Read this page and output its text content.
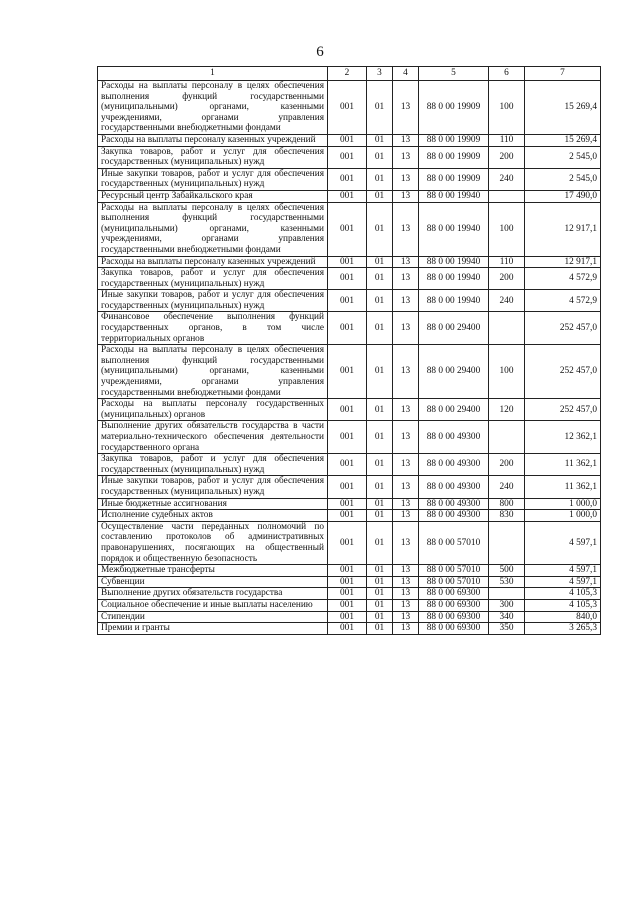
6
1	2	3	4	5	6	7
Расходы на выплаты персоналу в целях обеспечения выполнения функций государственными (муниципальными) органами, казенными учреждениями, органами управления государственными внебюджетными фондами	001	01	13	88 0 00 19909	100	15 269,4
Расходы на выплаты персоналу казенных учреждений	001	01	13	88 0 00 19909	110	15 269,4
Закупка товаров, работ и услуг для обеспечения государственных (муниципальных) нужд	001	01	13	88 0 00 19909	200	2 545,0
Иные закупки товаров, работ и услуг для обеспечения государственных (муниципальных) нужд	001	01	13	88 0 00 19909	240	2 545,0
Ресурсный центр Забайкальского края	001	01	13	88 0 00 19940		17 490,0
Расходы на выплаты персоналу в целях обеспечения выполнения функций государственными (муниципальными) органами, казенными учреждениями, органами управления государственными внебюджетными фондами	001	01	13	88 0 00 19940	100	12 917,1
Расходы на выплаты персоналу казенных учреждений	001	01	13	88 0 00 19940	110	12 917,1
Закупка товаров, работ и услуг для обеспечения государственных (муниципальных) нужд	001	01	13	88 0 00 19940	200	4 572,9
Иные закупки товаров, работ и услуг для обеспечения государственных (муниципальных) нужд	001	01	13	88 0 00 19940	240	4 572,9
Финансовое обеспечение выполнения функций государственных органов, в том числе территориальных органов	001	01	13	88 0 00 29400		252 457,0
Расходы на выплаты персоналу в целях обеспечения выполнения функций государственными (муниципальными) органами, казенными учреждениями, органами управления государственными внебюджетными фондами	001	01	13	88 0 00 29400	100	252 457,0
Расходы на выплаты персоналу государственных (муниципальных) органов	001	01	13	88 0 00 29400	120	252 457,0
Выполнение других обязательств государства в части материально-технического обеспечения деятельности государственного органа	001	01	13	88 0 00 49300		12 362,1
Закупка товаров, работ и услуг для обеспечения государственных (муниципальных) нужд	001	01	13	88 0 00 49300	200	11 362,1
Иные закупки товаров, работ и услуг для обеспечения государственных (муниципальных) нужд	001	01	13	88 0 00 49300	240	11 362,1
Иные бюджетные ассигнования	001	01	13	88 0 00 49300	800	1 000,0
Исполнение судебных актов	001	01	13	88 0 00 49300	830	1 000,0
Осуществление части переданных полномочий по составлению протоколов об административных правонарушениях, посягающих на общественный порядок и общественную безопасность	001	01	13	88 0 00 57010		4 597,1
Межбюджетные трансферты	001	01	13	88 0 00 57010	500	4 597,1
Субвенции	001	01	13	88 0 00 57010	530	4 597,1
Выполнение других обязательств государства	001	01	13	88 0 00 69300		4 105,3
Социальное обеспечение и иные выплаты населению	001	01	13	88 0 00 69300	300	4 105,3
Стипендии	001	01	13	88 0 00 69300	340	840,0
Премии и гранты	001	01	13	88 0 00 69300	350	3 265,3
